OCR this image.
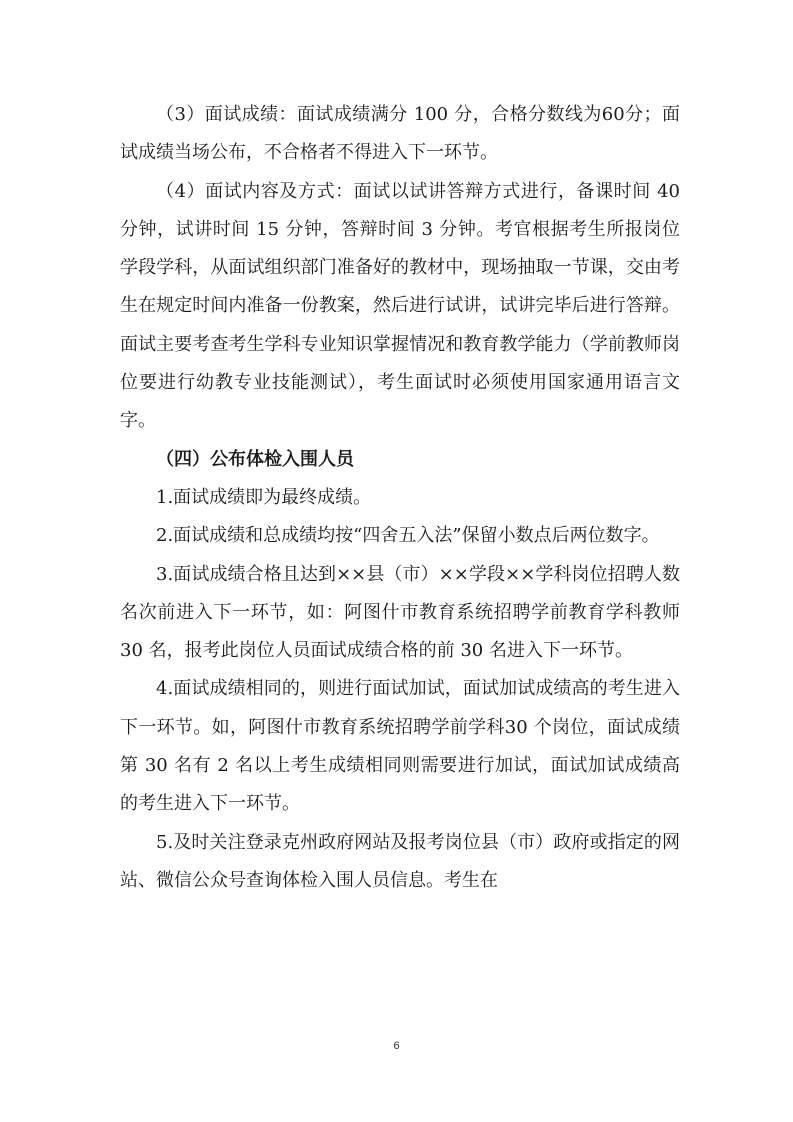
（3）面试成绩：面试成绩满分 100 分，合格分数线为60分；面试成绩当场公布，不合格者不得进入下一环节。

（4）面试内容及方式：面试以试讲答辩方式进行，备课时间 40 分钟，试讲时间 15 分钟，答辩时间 3 分钟。考官根据考生所报岗位学段学科，从面试组织部门准备好的教材中，现场抽取一节课，交由考生在规定时间内准备一份教案，然后进行试讲，试讲完毕后进行答辩。面试主要考查考生学科专业知识掌握情况和教育教学能力（学前教师岗位要进行幼教专业技能测试），考生面试时必须使用国家通用语言文字。

（四）公布体检入围人员

1.面试成绩即为最终成绩。

2.面试成绩和总成绩均按“四舍五入法”保留小数点后两位数字。

3.面试成绩合格且达到××县（市）××学段××学科岗位招聘人数名次前进入下一环节，如：阿图什市教育系统招聘学前教育学科教师 30 名，报考此岗位人员面试成绩合格的前 30 名进入下一环节。

4.面试成绩相同的，则进行面试加试，面试加试成绩高的考生进入下一环节。如，阿图什市教育系统招聘学前学科30 个岗位，面试成绩第 30 名有 2 名以上考生成绩相同则需要进行加试，面试加试成绩高的考生进入下一环节。

5.及时关注登录克州政府网站及报考岗位县（市）政府或指定的网站、微信公众号查询体检入围人员信息。考生在

6
